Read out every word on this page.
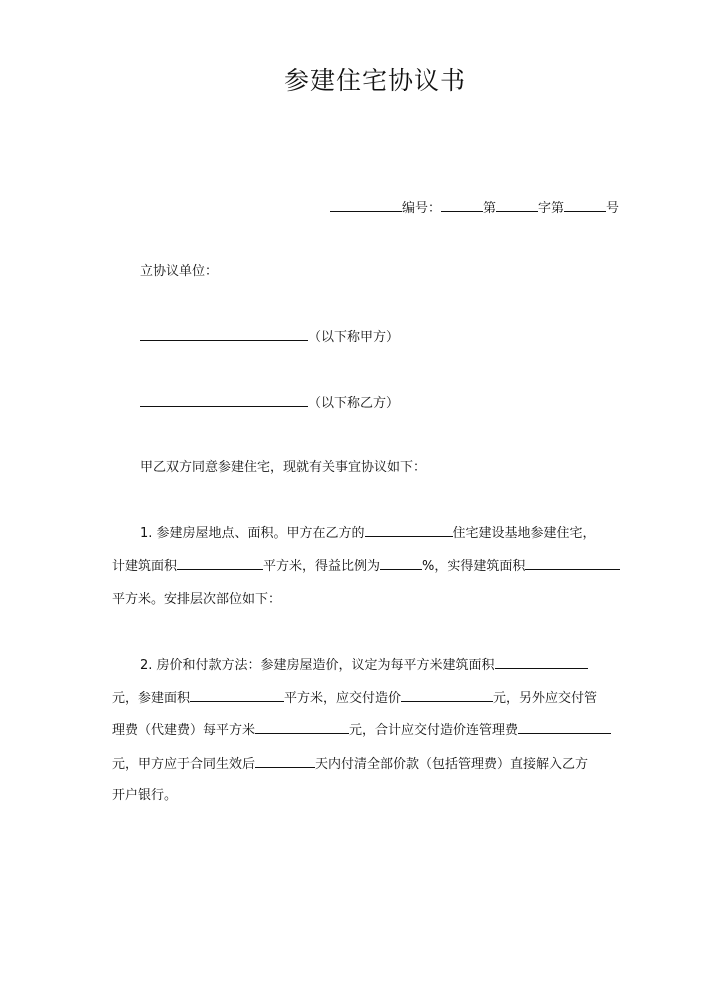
参建住宅协议书
编号：	第	字第	号
立协议单位：
（以下称甲方）
（以下称乙方）
甲乙双方同意参建住宅，现就有关事宜协议如下：
1. 参建房屋地点、面积。甲方在乙方的	住宅建设基地参建住宅，
计建筑面积	平方米，得益比例为	%，实得建筑面积
平方米。安排层次部位如下：
2. 房价和付款方法：参建房屋造价，议定为每平方米建筑面积
元，参建面积	平方米，应交付造价	元，另外应交付管
理费（代建费）每平方米	元，合计应交付造价连管理费
元，甲方应于合同生效后	天内付清全部价款（包括管理费）直接解入乙方
开户银行。
